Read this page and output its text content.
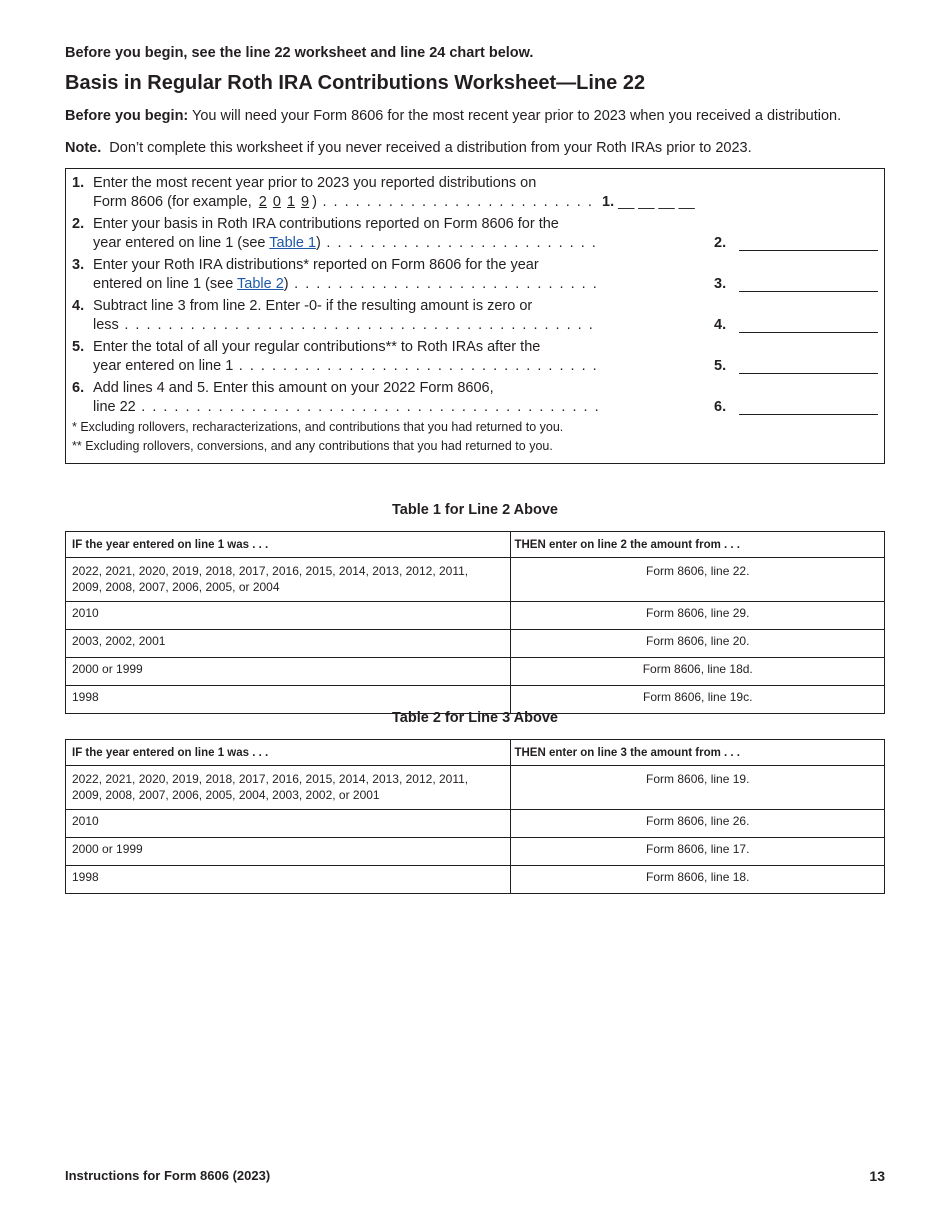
Before you begin, see the line 22 worksheet and line 24 chart below.
Basis in Regular Roth IRA Contributions Worksheet—Line 22
Before you begin: You will need your Form 8606 for the most recent year prior to 2023 when you received a distribution.
Note.  Don’t complete this worksheet if you never received a distribution from your Roth IRAs prior to 2023.
1. Enter the most recent year prior to 2023 you reported distributions on
Form 8606 (for example, 2 0 1 9 ) . . .	1. __ __ __ __
2. Enter your basis in Roth IRA contributions reported on Form 8606 for the
year entered on line 1 (see Table 1) . . .	2.
3. Enter your Roth IRA distributions* reported on Form 8606 for the year
entered on line 1 (see Table 2) . . .	3.
4. Subtract line 3 from line 2. Enter -0- if the resulting amount is zero or
less . . .	4.
5. Enter the total of all your regular contributions** to Roth IRAs after the
year entered on line 1 . . .	5.
6. Add lines 4 and 5. Enter this amount on your 2022 Form 8606,
line 22 . . .	6.
* Excluding rollovers, recharacterizations, and contributions that you had returned to you.
** Excluding rollovers, conversions, and any contributions that you had returned to you.
Table 1 for Line 2 Above
IF the year entered on line 1 was . . .	THEN enter on line 2 the amount from . . .

2022, 2021, 2020, 2019, 2018, 2017, 2016, 2015, 2014, 2013, 2012, 2011,
2009, 2008, 2007, 2006, 2005, or 2004	Form 8606, line 22.
2010	Form 8606, line 29.
2003, 2002, 2001	Form 8606, line 20.
2000 or 1999	Form 8606, line 18d.
1998	Form 8606, line 19c.
Table 2 for Line 3 Above
IF the year entered on line 1 was . . .	THEN enter on line 3 the amount from . . .

2022, 2021, 2020, 2019, 2018, 2017, 2016, 2015, 2014, 2013, 2012, 2011,
2009, 2008, 2007, 2006, 2005, 2004, 2003, 2002, or 2001	Form 8606, line 19.
2010	Form 8606, line 26.
2000 or 1999	Form 8606, line 17.
1998	Form 8606, line 18.
Instructions for Form 8606 (2023)	13
